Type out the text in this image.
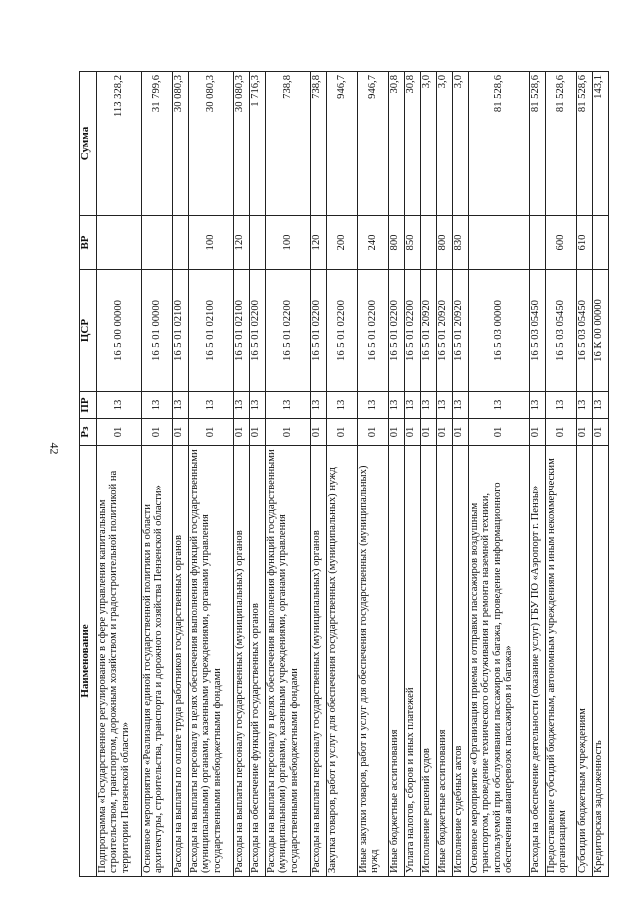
42
Наименование	Рз	ПР	ЦСР	ВР	Сумма
Подпрограмма «Государственное регулирование в сфере управления капитальным строительством, транспортом, дорожным хозяйством и градостроительной политикой на территории Пензенской области»	01	13	16 5 00 00000		113 328,2
Основное мероприятие «Реализация единой государственной политики в области архитектуры, строительства, транспорта и дорожного хозяйства Пензенской области»	01	13	16 5 01 00000		31 799,6
Расходы на выплаты по оплате труда работников государственных органов	01	13	16 5 01 02100		30 080,3
Расходы на выплаты персоналу в целях обеспечения выполнения функций государственными (муниципальными) органами, казенными учреждениями, органами управления государственными внебюджетными фондами	01	13	16 5 01 02100	100	30 080,3
Расходы на выплаты персоналу государственных (муниципальных) органов	01	13	16 5 01 02100	120	30 080,3
Расходы на обеспечение функций государственных органов	01	13	16 5 01 02200		1 716,3
Расходы на выплаты персоналу в целях обеспечения выполнения функций государственными (муниципальными) органами, казенными учреждениями, органами управления государственными внебюджетными фондами	01	13	16 5 01 02200	100	738,8
Расходы на выплаты персоналу государственных (муниципальных) органов	01	13	16 5 01 02200	120	738,8
Закупка товаров, работ и услуг для обеспечения государственных (муниципальных) нужд	01	13	16 5 01 02200	200	946,7
Иные закупки товаров, работ и услуг для обеспечения государственных (муниципальных) нужд	01	13	16 5 01 02200	240	946,7
Иные бюджетные ассигнования	01	13	16 5 01 02200	800	30,8
Уплата налогов, сборов и иных платежей	01	13	16 5 01 02200	850	30,8
Исполнение решений судов	01	13	16 5 01 20920		3,0
Иные бюджетные ассигнования	01	13	16 5 01 20920	800	3,0
Исполнение судебных актов	01	13	16 5 01 20920	830	3,0
Основное мероприятие «Организация приема и отправки пассажиров воздушным транспортом, проведение технического обслуживания и ремонта наземной техники, используемой при обслуживании пассажиров и багажа, проведение информационного обеспечения авиаперевозок пассажиров и багажа»	01	13	16 5 03 00000		81 528,6
Расходы на обеспечение деятельности (оказание услуг) ГБУ ПО «Аэропорт г. Пензы»	01	13	16 5 03 05450		81 528,6
Предоставление субсидий бюджетным, автономным учреждениям и иным некоммерческим организациям	01	13	16 5 03 05450	600	81 528,6
Субсидии бюджетным учреждениям	01	13	16 5 03 05450	610	81 528,6
Кредиторская задолженность	01	13	16 К 00 00000		143,1
